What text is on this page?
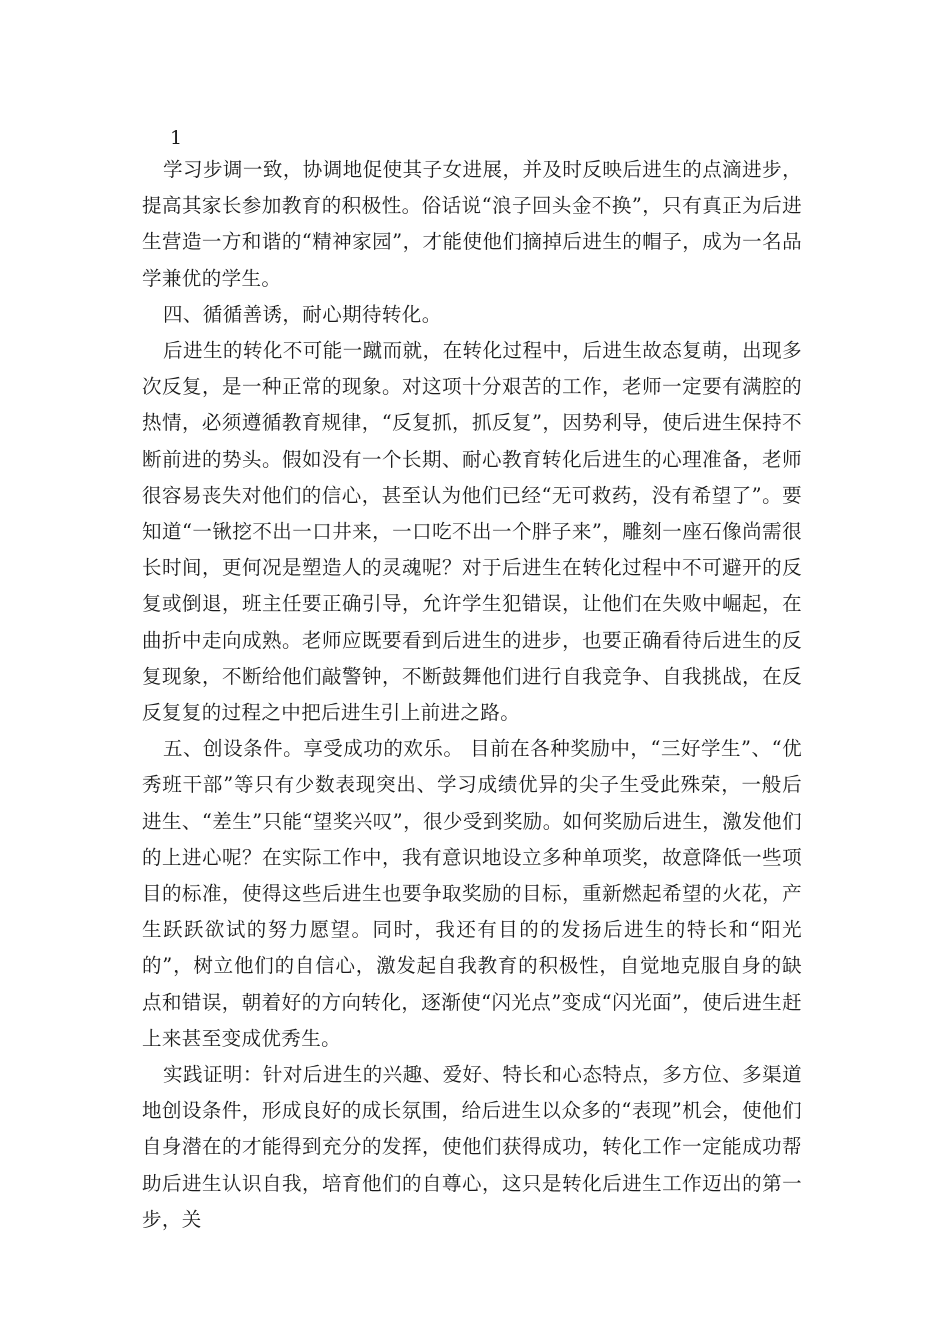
1

学习步调一致，协调地促使其子女进展，并及时反映后进生的点滴进步，提高其家长参加教育的积极性。俗话说“浪子回头金不换”，只有真正为后进生营造一方和谐的“精神家园”，才能使他们摘掉后进生的帽子，成为一名品学兼优的学生。

四、循循善诱，耐心期待转化。

后进生的转化不可能一蹴而就，在转化过程中，后进生故态复萌，出现多次反复，是一种正常的现象。对这项十分艰苦的工作，老师一定要有满腔的热情，必须遵循教育规律，“反复抓，抓反复”，因势利导，使后进生保持不断前进的势头。假如没有一个长期、耐心教育转化后进生的心理准备，老师很容易丧失对他们的信心，甚至认为他们已经“无可救药，没有希望了”。要知道“一锹挖不出一口井来，一口吃不出一个胖子来”，雕刻一座石像尚需很长时间，更何况是塑造人的灵魂呢？对于后进生在转化过程中不可避开的反复或倒退，班主任要正确引导，允许学生犯错误，让他们在失败中崛起，在曲折中走向成熟。老师应既要看到后进生的进步，也要正确看待后进生的反复现象，不断给他们敲警钟，不断鼓舞他们进行自我竞争、自我挑战，在反反复复的过程之中把后进生引上前进之路。

五、创设条件。享受成功的欢乐。 目前在各种奖励中，“三好学生”、“优秀班干部”等只有少数表现突出、学习成绩优异的尖子生受此殊荣，一般后进生、“差生”只能“望奖兴叹”，很少受到奖励。如何奖励后进生，激发他们的上进心呢？在实际工作中，我有意识地设立多种单项奖，故意降低一些项目的标准，使得这些后进生也要争取奖励的目标，重新燃起希望的火花，产生跃跃欲试的努力愿望。同时，我还有目的的发扬后进生的特长和“阳光的”，树立他们的自信心，激发起自我教育的积极性，自觉地克服自身的缺点和错误，朝着好的方向转化，逐渐使“闪光点”变成“闪光面”，使后进生赶上来甚至变成优秀生。

实践证明：针对后进生的兴趣、爱好、特长和心态特点，多方位、多渠道地创设条件，形成良好的成长氛围，给后进生以众多的“表现”机会，使他们自身潜在的才能得到充分的发挥，使他们获得成功，转化工作一定能成功帮助后进生认识自我，培育他们的自尊心，这只是转化后进生工作迈出的第一步，关
